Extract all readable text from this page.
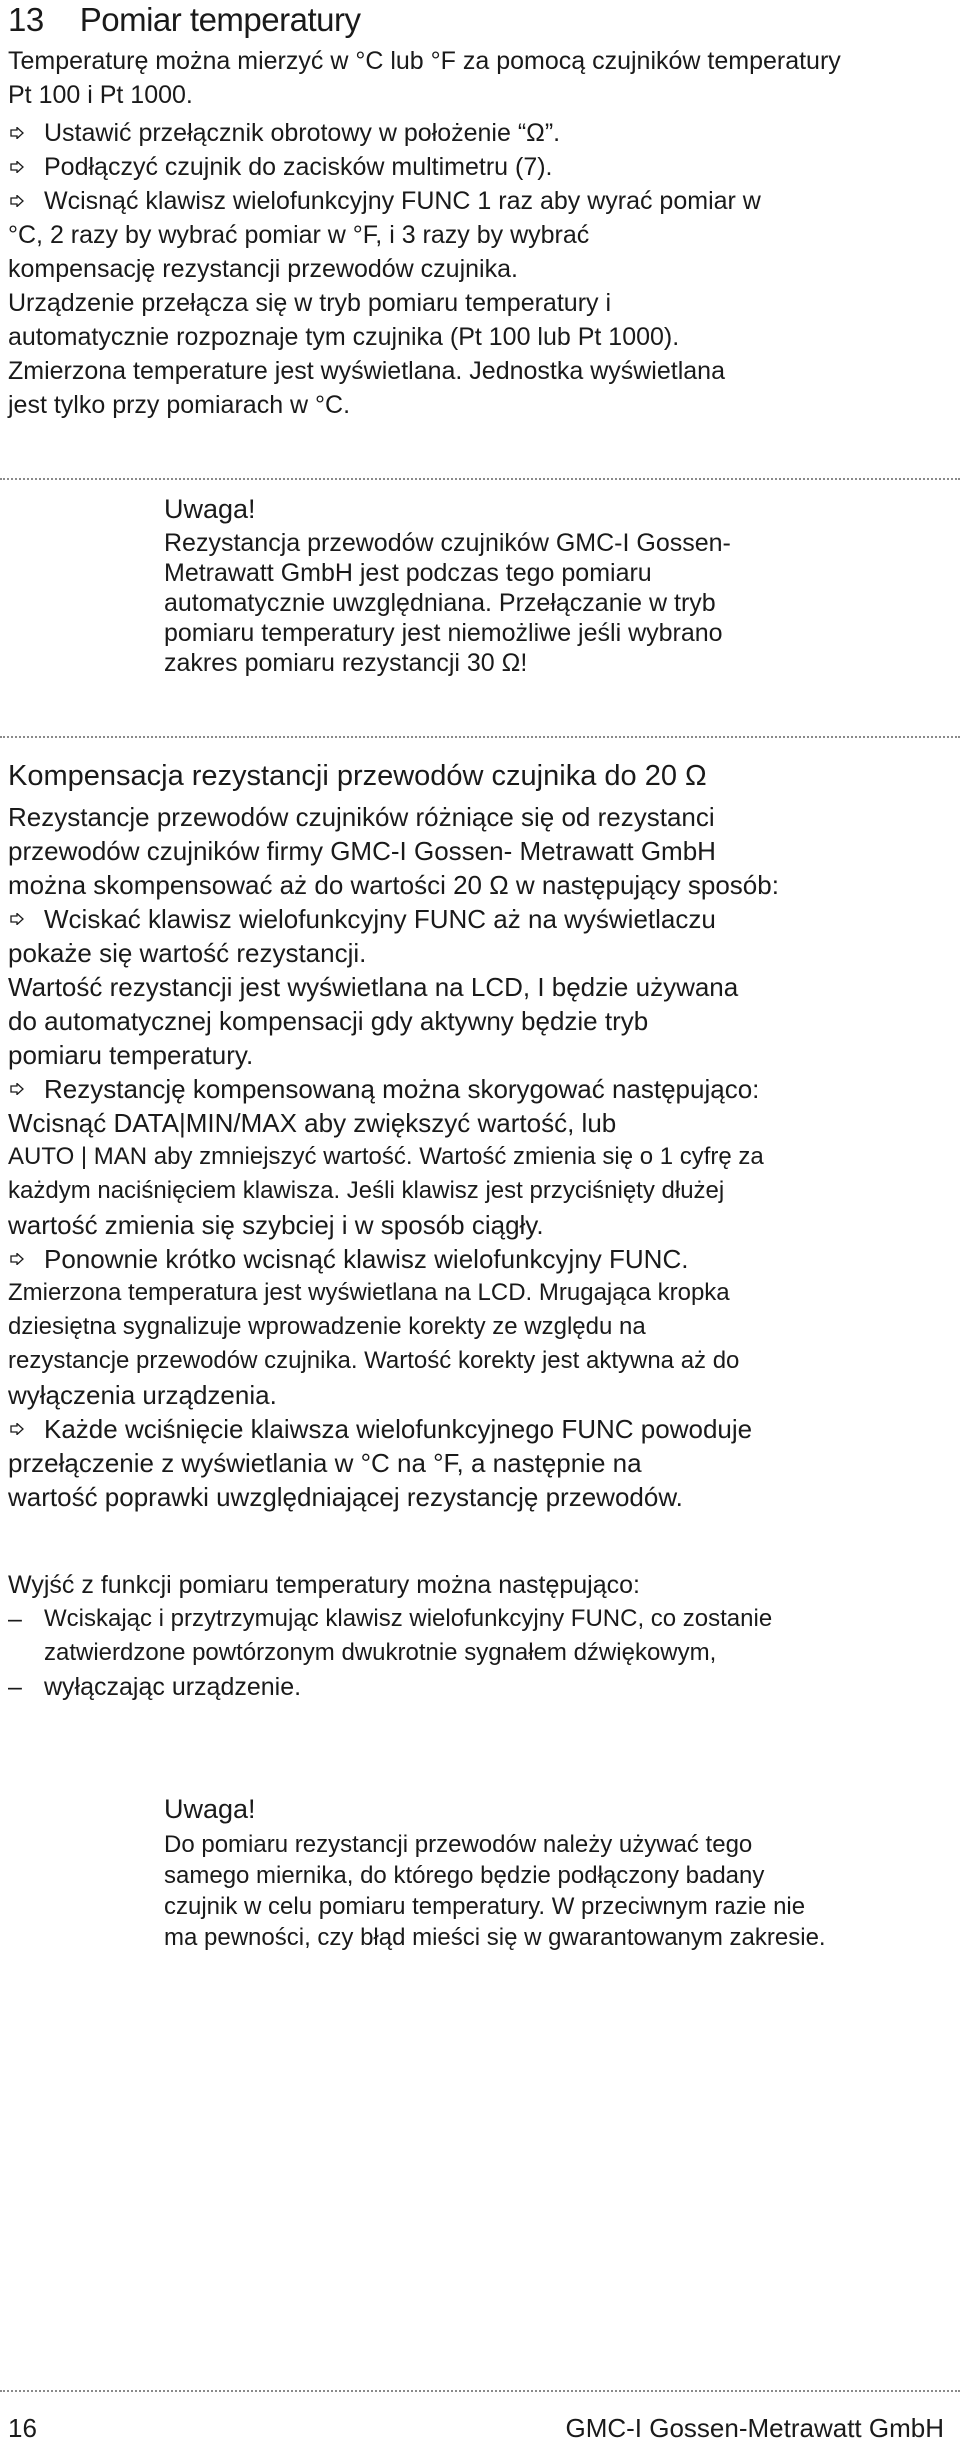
13 Pomiar temperatury
Temperaturę można mierzyć w °C lub °F za pomocą czujników temperatury
Pt 100 i Pt 1000.
Ustawić przełącznik obrotowy w położenie “Ω”.
Podłączyć czujnik do zacisków multimetru (7).
Wcisnąć klawisz wielofunkcyjny FUNC 1 raz aby wyrać pomiar w
°C, 2 razy by wybrać pomiar w °F, i 3 razy by wybrać
kompensację rezystancji przewodów czujnika.
Urządzenie przełącza się w tryb pomiaru temperatury i
automatycznie rozpoznaje tym czujnika (Pt 100 lub Pt 1000).
Zmierzona temperature jest wyświetlana. Jednostka wyświetlana
jest tylko przy pomiarach w °C.
Uwaga!
Rezystancja przewodów czujników GMC-I Gossen-
Metrawatt GmbH jest podczas tego pomiaru
automatycznie uwzględniana. Przełączanie w tryb
pomiaru temperatury jest niemożliwe jeśli wybrano
zakres pomiaru rezystancji 30 Ω!
Kompensacja rezystancji przewodów czujnika do 20 Ω
Rezystancje przewodów czujników różniące się od rezystanci
przewodów czujników firmy GMC-I Gossen- Metrawatt GmbH
można skompensować aż do wartości 20 Ω w następujący sposób:
Wciskać klawisz wielofunkcyjny FUNC aż na wyświetlaczu
pokaże się wartość rezystancji.
Wartość rezystancji jest wyświetlana na LCD, I będzie używana
do automatycznej kompensacji gdy aktywny będzie tryb
pomiaru temperatury.
Rezystancję kompensowaną można skorygować następująco:
Wcisnąć DATA|MIN/MAX aby zwiększyć wartość, lub
AUTO | MAN aby zmniejszyć wartość. Wartość zmienia się o 1 cyfrę za
każdym naciśnięciem klawisza. Jeśli klawisz jest przyciśnięty dłużej
wartość zmienia się szybciej i w sposób ciągły.
Ponownie krótko wcisnąć klawisz wielofunkcyjny FUNC.
Zmierzona temperatura jest wyświetlana na LCD. Mrugająca kropka
dziesiętna sygnalizuje wprowadzenie korekty ze względu na
rezystancje przewodów czujnika. Wartość korekty jest aktywna aż do
wyłączenia urządzenia.
Każde wciśnięcie klaiwsza wielofunkcyjnego FUNC powoduje
przełączenie z wyświetlania w °C na °F, a następnie na
wartość poprawki uwzględniającej rezystancję przewodów.
Wyjść z funkcji pomiaru temperatury można następująco:
– Wciskając i przytrzymując klawisz wielofunkcyjny FUNC, co zostanie
zatwierdzone powtórzonym dwukrotnie sygnałem dźwiękowym,
– wyłączając urządzenie.
Uwaga!
Do pomiaru rezystancji przewodów należy używać tego
samego miernika, do którego będzie podłączony badany
czujnik w celu pomiaru temperatury. W przeciwnym razie nie
ma pewności, czy błąd mieści się w gwarantowanym zakresie.
16	GMC-I Gossen-Metrawatt GmbH
